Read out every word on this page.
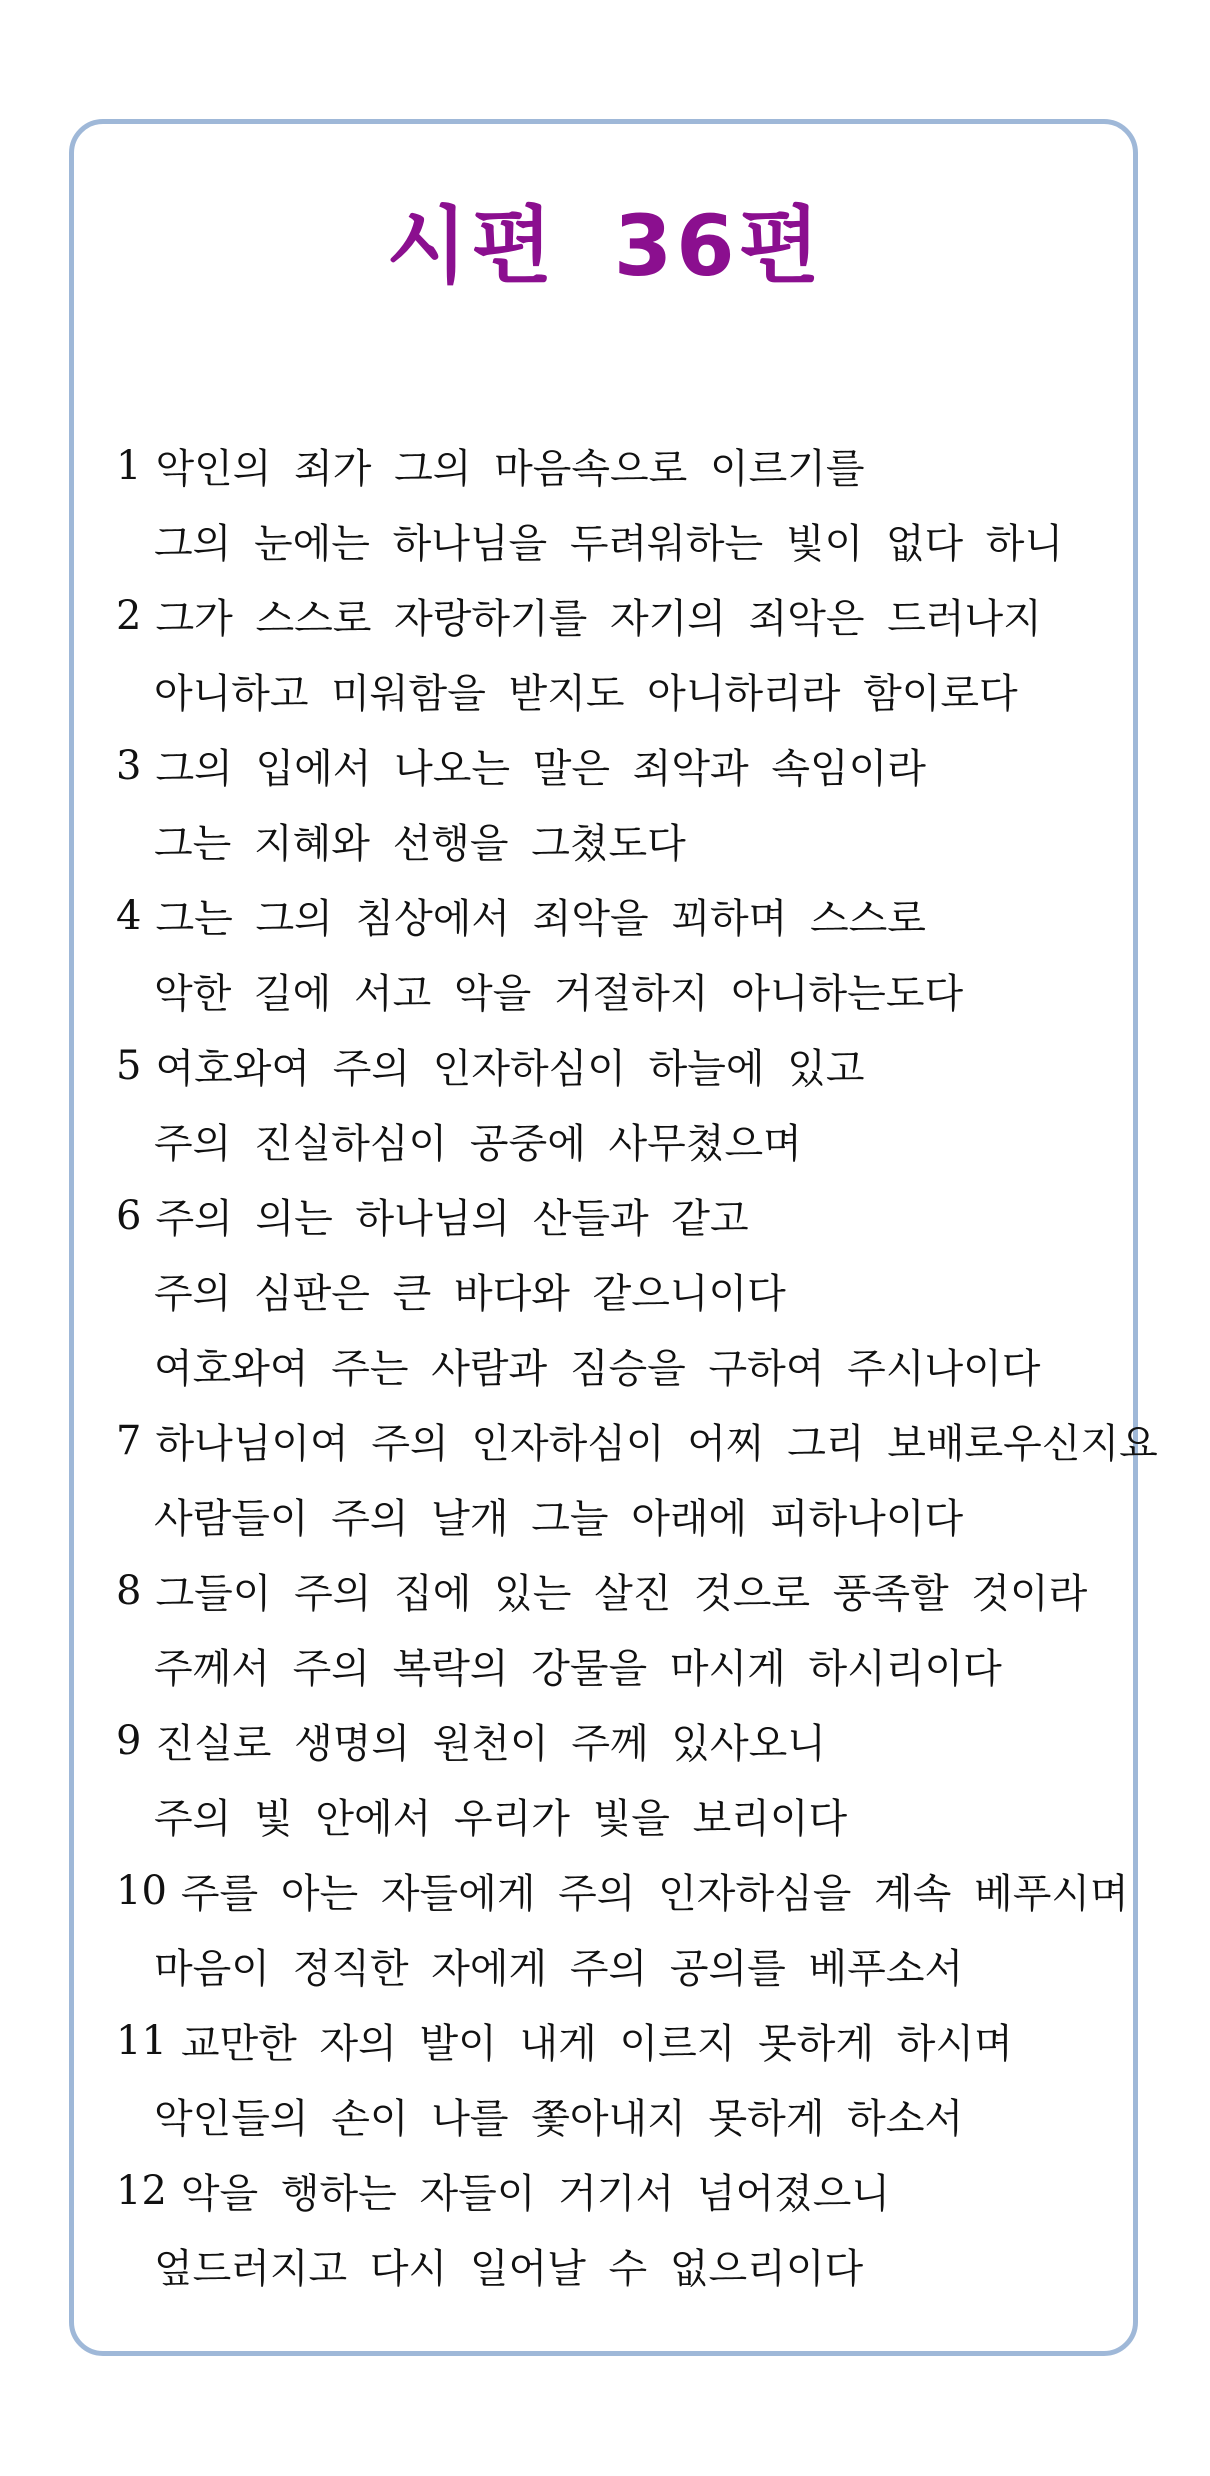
시편 36편
1 악인의 죄가 그의 마음속으로 이르기를
그의 눈에는 하나님을 두려워하는 빛이 없다 하니
2 그가 스스로 자랑하기를 자기의 죄악은 드러나지
아니하고 미워함을 받지도 아니하리라 함이로다
3 그의 입에서 나오는 말은 죄악과 속임이라
그는 지혜와 선행을 그쳤도다
4 그는 그의 침상에서 죄악을 꾀하며 스스로
악한 길에 서고 악을 거절하지 아니하는도다
5 여호와여 주의 인자하심이 하늘에 있고
주의 진실하심이 공중에 사무쳤으며
6 주의 의는 하나님의 산들과 같고
주의 심판은 큰 바다와 같으니이다
여호와여 주는 사람과 짐승을 구하여 주시나이다
7 하나님이여 주의 인자하심이 어찌 그리 보배로우신지요
사람들이 주의 날개 그늘 아래에 피하나이다
8 그들이 주의 집에 있는 살진 것으로 풍족할 것이라
주께서 주의 복락의 강물을 마시게 하시리이다
9 진실로 생명의 원천이 주께 있사오니
주의 빛 안에서 우리가 빛을 보리이다
10 주를 아는 자들에게 주의 인자하심을 계속 베푸시며
마음이 정직한 자에게 주의 공의를 베푸소서
11 교만한 자의 발이 내게 이르지 못하게 하시며
악인들의 손이 나를 쫓아내지 못하게 하소서
12 악을 행하는 자들이 거기서 넘어졌으니
엎드러지고 다시 일어날 수 없으리이다
